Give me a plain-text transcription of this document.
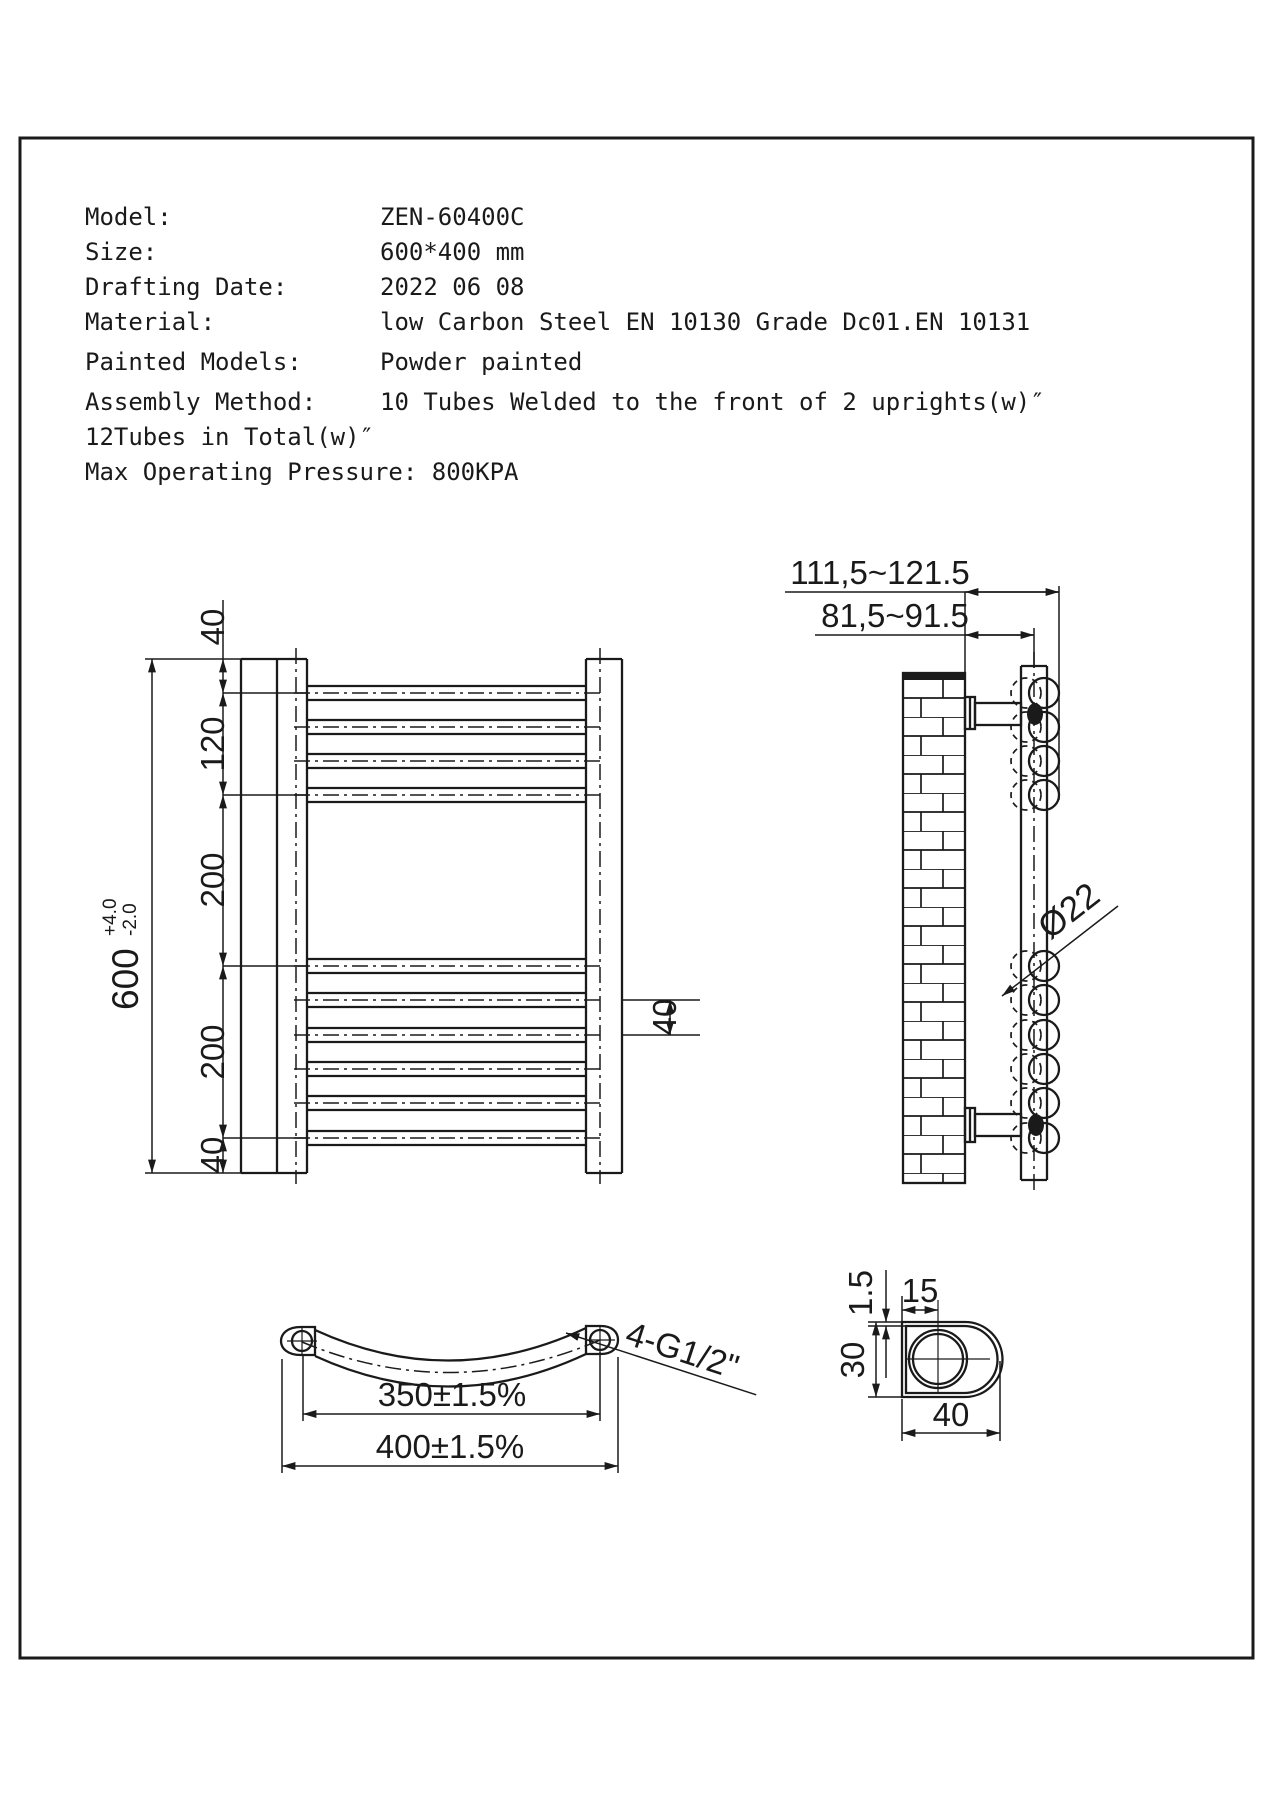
Model:	ZEN-60400C
Size:	600*400 mm
Drafting Date:	2022 06 08
Material:	low Carbon Steel EN 10130 Grade Dc01.EN 10131
Painted Models:	Powder painted
Assembly Method:	10 Tubes Welded to the front of 2 uprights(w)″
12Tubes in Total(w)″
Max Operating Pressure: 800KPA
600
+4.0 -2.0
40
120
200
200
40
40
111,5~121.5
81,5~91.5
Ø22
4-G1/2"
350±1.5%
400±1.5%
1.5 15
30
40
